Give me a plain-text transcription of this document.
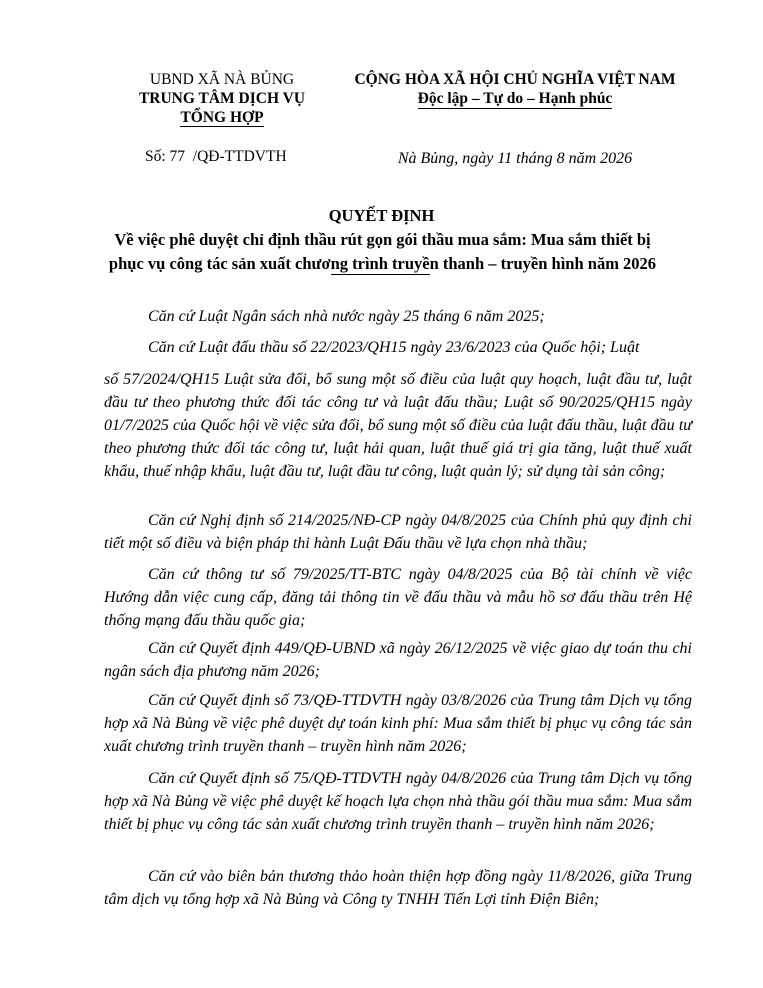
UBND XÃ NÀ BỦNG
TRUNG TÂM DỊCH VỤ
TỔNG HỢP
Số: 77  /QĐ-TTDVTH
CỘNG HÒA XÃ HỘI CHỦ NGHĨA VIỆT NAM
Độc lập – Tự do – Hạnh phúc
Nà Bủng, ngày 11 tháng 8 năm 2026
QUYẾT ĐỊNH
Về việc phê duyệt chỉ định thầu rút gọn gói thầu mua sắm: Mua sắm thiết bị
phục vụ công tác sản xuất chương trình truyền thanh – truyền hình năm 2026

Căn cứ Luật Ngân sách nhà nước ngày 25 tháng 6 năm 2025;

Căn cứ Luật đấu thầu số 22/2023/QH15 ngày 23/6/2023 của Quốc hội; Luật

số 57/2024/QH15 Luật sửa đổi, bổ sung một số điều của luật quy hoạch, luật đầu tư, luật đầu tư theo phương thức đối tác công tư và luật đấu thầu; Luật số 90/2025/QH15 ngày 01/7/2025 của Quốc hội về việc sửa đổi, bổ sung một số điều của luật đấu thầu, luật đầu tư theo phương thức đối tác công tư, luật hải quan, luật thuế giá trị gia tăng, luật thuế xuất khẩu, thuế nhập khẩu, luật đầu tư, luật đầu tư công, luật quản lý; sử dụng tài sản công;

Căn cứ Nghị định số 214/2025/NĐ-CP ngày 04/8/2025 của Chính phủ quy định chi tiết một số điều và biện pháp thi hành Luật Đấu thầu về lựa chọn nhà thầu;

Căn cứ thông tư số 79/2025/TT-BTC ngày 04/8/2025 của Bộ tài chính về việc Hướng dẫn việc cung cấp, đăng tải thông tin về đấu thầu và mẫu hồ sơ đấu thầu trên Hệ thống mạng đấu thầu quốc gia;

Căn cứ Quyết định 449/QĐ-UBND xã ngày 26/12/2025 về việc giao dự toán thu chi ngân sách địa phương năm 2026;

Căn cứ Quyết định số 73/QĐ-TTDVTH ngày 03/8/2026 của Trung tâm Dịch vụ tổng hợp xã Nà Bủng về việc phê duyệt dự toán kinh phí: Mua sắm thiết bị phục vụ công tác sản xuất chương trình truyền thanh – truyền hình năm 2026;

Căn cứ Quyết định số 75/QĐ-TTDVTH ngày 04/8/2026 của Trung tâm Dịch vụ tổng hợp xã Nà Bủng về việc phê duyệt kế hoạch lựa chọn nhà thầu gói thầu mua sắm: Mua sắm thiết bị phục vụ công tác sản xuất chương trình truyền thanh – truyền hình năm 2026;

Căn cứ vào biên bản thương thảo hoàn thiện hợp đồng ngày 11/8/2026, giữa Trung tâm dịch vụ tổng hợp xã Nà Bủng và Công ty TNHH Tiến Lợi tỉnh Điện Biên;
